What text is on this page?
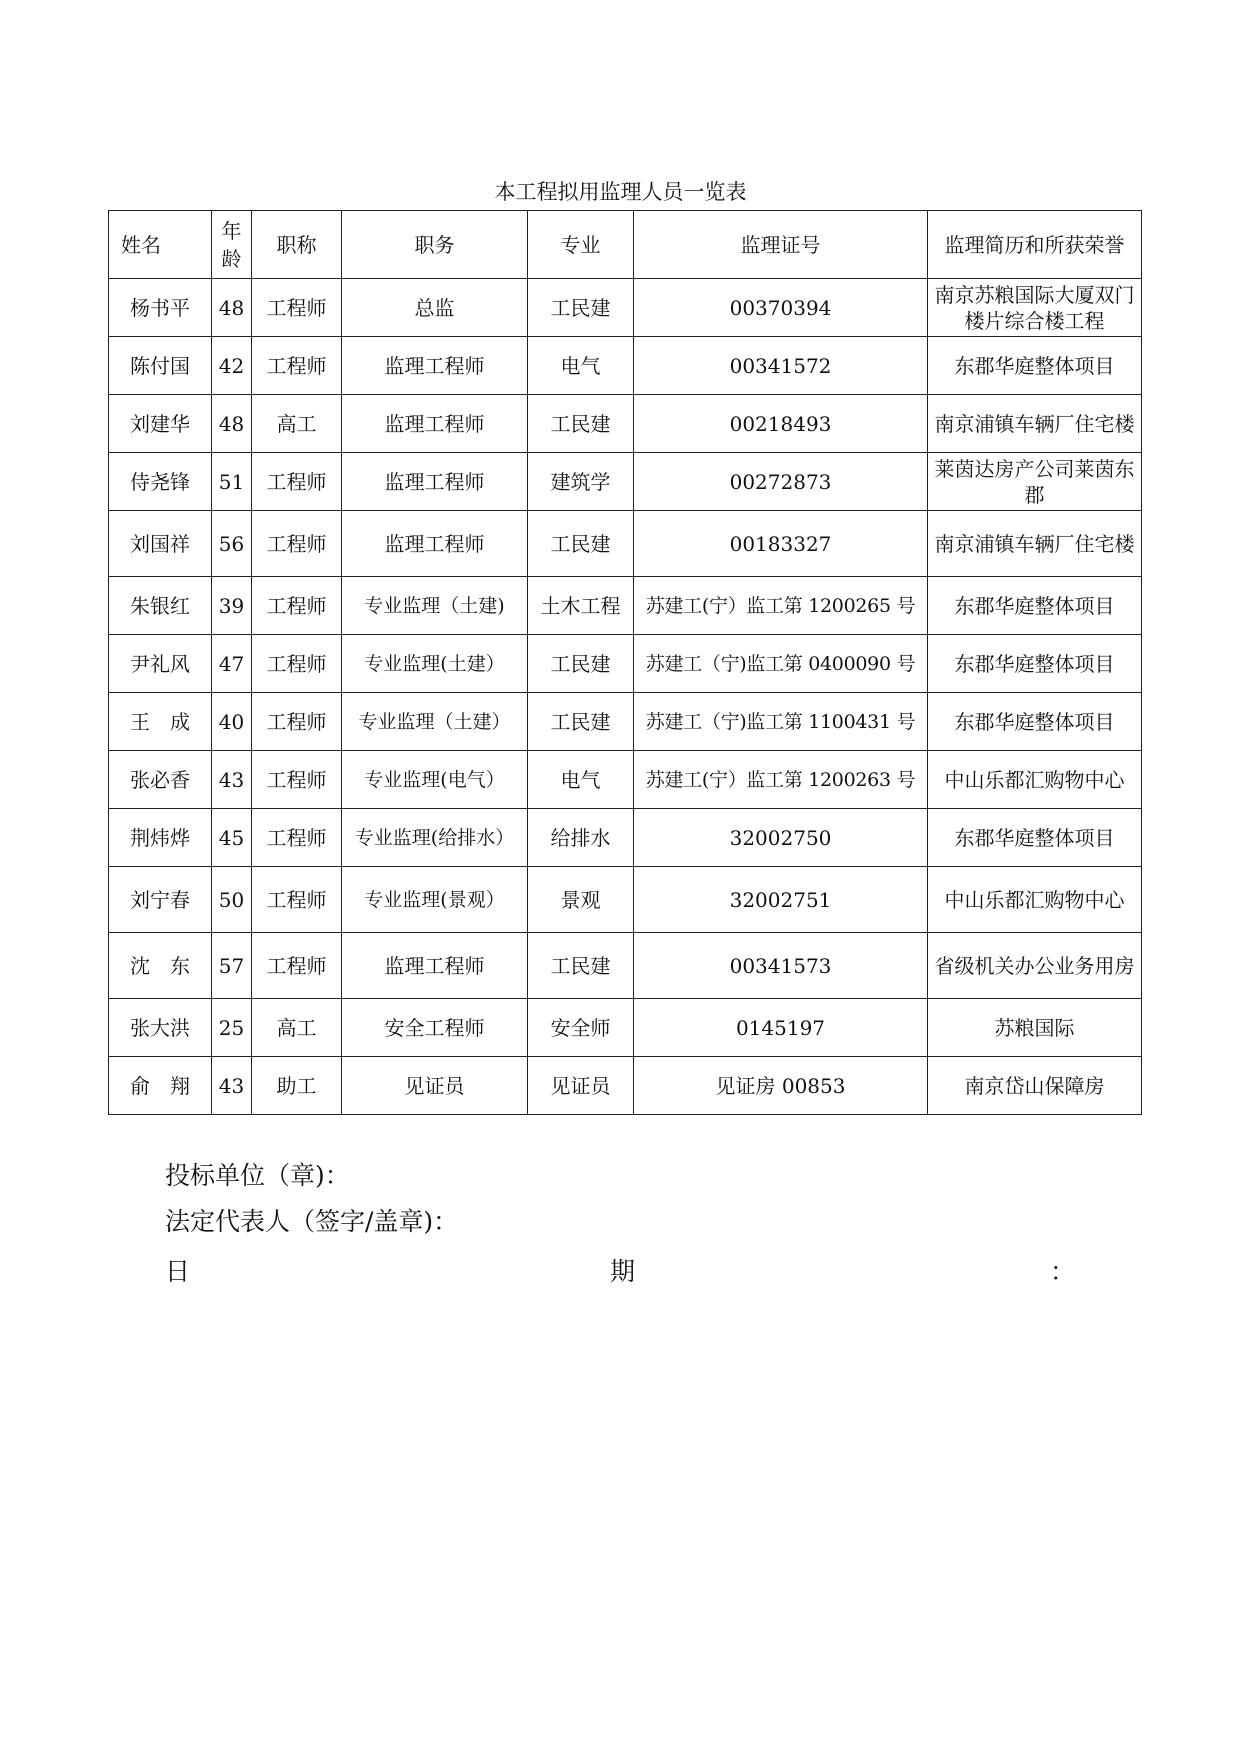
本工程拟用监理人员一览表
姓名	年龄	职称	职务	专业	监理证号	监理简历和所获荣誉
杨书平	48	工程师	总监	工民建	00370394	南京苏粮国际大厦双门楼片综合楼工程
陈付国	42	工程师	监理工程师	电气	00341572	东郡华庭整体项目
刘建华	48	高工	监理工程师	工民建	00218493	南京浦镇车辆厂住宅楼
侍尧锋	51	工程师	监理工程师	建筑学	00272873	莱茵达房产公司莱茵东郡
刘国祥	56	工程师	监理工程师	工民建	00183327	南京浦镇车辆厂住宅楼
朱银红	39	工程师	专业监理（土建)	土木工程	苏建工(宁）监工第 1200265 号	东郡华庭整体项目
尹礼风	47	工程师	专业监理(土建）	工民建	苏建工（宁)监工第 0400090 号	东郡华庭整体项目
王　成	40	工程师	专业监理（土建）	工民建	苏建工（宁)监工第 1100431 号	东郡华庭整体项目
张必香	43	工程师	专业监理(电气）	电气	苏建工(宁）监工第 1200263 号	中山乐都汇购物中心
荆炜烨	45	工程师	专业监理(给排水）	给排水	32002750	东郡华庭整体项目
刘宁春	50	工程师	专业监理(景观）	景观	32002751	中山乐都汇购物中心
沈　东	57	工程师	监理工程师	工民建	00341573	省级机关办公业务用房
张大洪	25	高工	安全工程师	安全师	0145197	苏粮国际
俞　翔	43	助工	见证员	见证员	见证房 00853	南京岱山保障房
投标单位（章)：
法定代表人（签字/盖章)：
日	期	：
